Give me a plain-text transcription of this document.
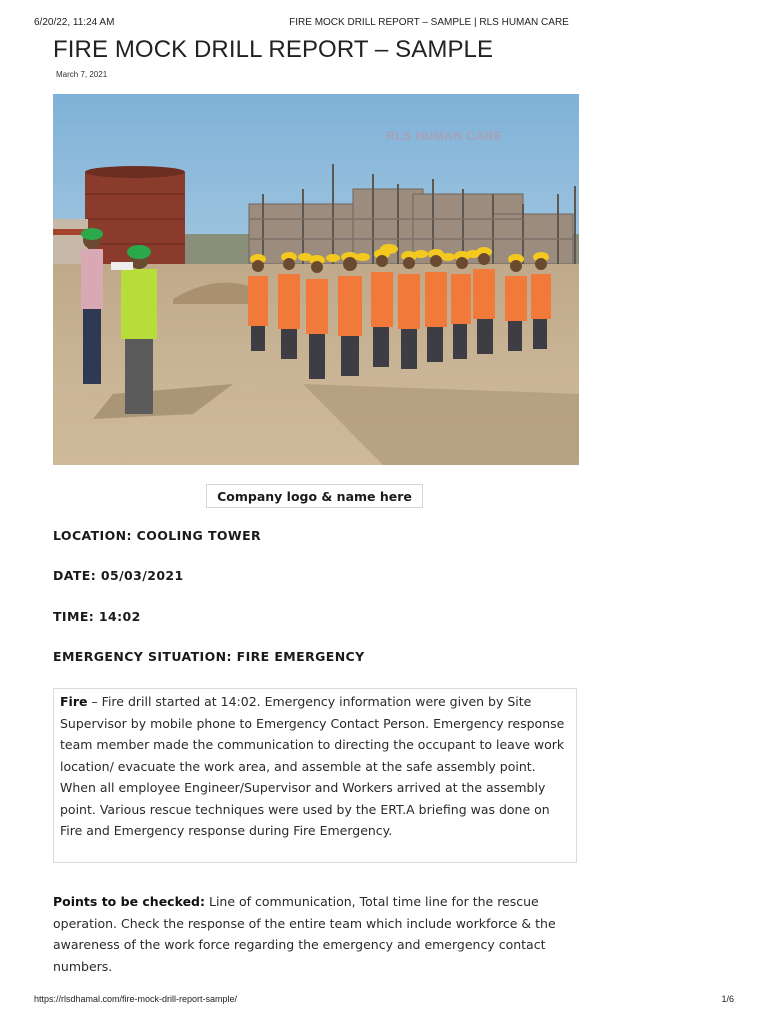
6/20/22, 11:24 AM	FIRE MOCK DRILL REPORT – SAMPLE | RLS HUMAN CARE
FIRE MOCK DRILL REPORT – SAMPLE
March 7, 2021
RLS HUMAN CARE
Company logo & name here
LOCATION: COOLING TOWER
DATE: 05/03/2021
TIME: 14:02
EMERGENCY SITUATION: FIRE EMERGENCY
Fire – Fire drill started at 14:02. Emergency information were given by Site Supervisor by mobile phone to Emergency Contact Person. Emergency response team member made the communication to directing the occupant to leave work location/ evacuate the work area, and assemble at the safe assembly point. When all employee Engineer/Supervisor and Workers arrived at the assembly point. Various rescue techniques were used by the ERT.A briefing was done on Fire and Emergency response during Fire Emergency.
Points to be checked: Line of communication, Total time line for the rescue operation. Check the response of the entire team which include workforce & the awareness of the work force regarding the emergency and emergency contact numbers.
https://rlsdhamal.com/fire-mock-drill-report-sample/	1/6
